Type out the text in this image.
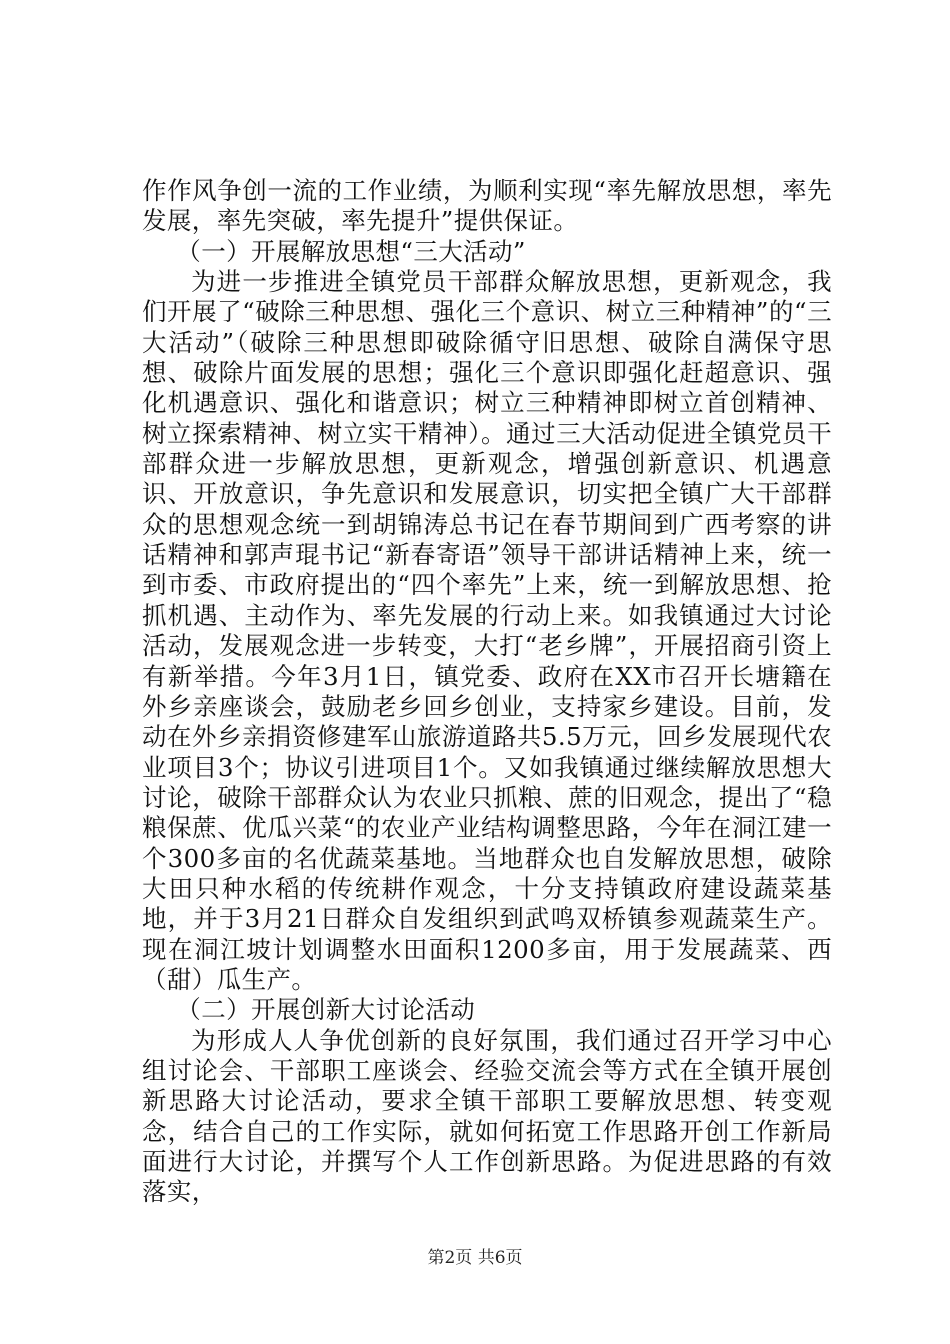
作作风争创一流的工作业绩，为顺利实现“率先解放思想，率先发展，率先突破，率先提升”提供保证。

（一）开展解放思想“三大活动”

为进一步推进全镇党员干部群众解放思想，更新观念，我们开展了“破除三种思想、强化三个意识、树立三种精神”的“三大活动”（破除三种思想即破除循守旧思想、破除自满保守思想、破除片面发展的思想；强化三个意识即强化赶超意识、强化机遇意识、强化和谐意识；树立三种精神即树立首创精神、树立探索精神、树立实干精神）。通过三大活动促进全镇党员干部群众进一步解放思想，更新观念，增强创新意识、机遇意识、开放意识，争先意识和发展意识，切实把全镇广大干部群众的思想观念统一到胡锦涛总书记在春节期间到广西考察的讲话精神和郭声琨书记“新春寄语”领导干部讲话精神上来，统一到市委、市政府提出的“四个率先”上来，统一到解放思想、抢抓机遇、主动作为、率先发展的行动上来。如我镇通过大讨论活动，发展观念进一步转变，大打“老乡牌”，开展招商引资上有新举措。今年3月1日，镇党委、政府在XX市召开长塘籍在外乡亲座谈会，鼓励老乡回乡创业，支持家乡建设。目前，发动在外乡亲捐资修建军山旅游道路共5.5万元，回乡发展现代农业项目3个；协议引进项目1个。又如我镇通过继续解放思想大讨论，破除干部群众认为农业只抓粮、蔗的旧观念，提出了“稳粮保蔗、优瓜兴菜“的农业产业结构调整思路，今年在洞江建一个300多亩的名优蔬菜基地。当地群众也自发解放思想，破除大田只种水稻的传统耕作观念，十分支持镇政府建设蔬菜基地，并于3月21日群众自发组织到武鸣双桥镇参观蔬菜生产。现在洞江坡计划调整水田面积1200多亩，用于发展蔬菜、西（甜）瓜生产。

（二）开展创新大讨论活动

为形成人人争优创新的良好氛围，我们通过召开学习中心组讨论会、干部职工座谈会、经验交流会等方式在全镇开展创新思路大讨论活动，要求全镇干部职工要解放思想、转变观念，结合自己的工作实际，就如何拓宽工作思路开创工作新局面进行大讨论，并撰写个人工作创新思路。为促进思路的有效落实，

第2页 共6页
